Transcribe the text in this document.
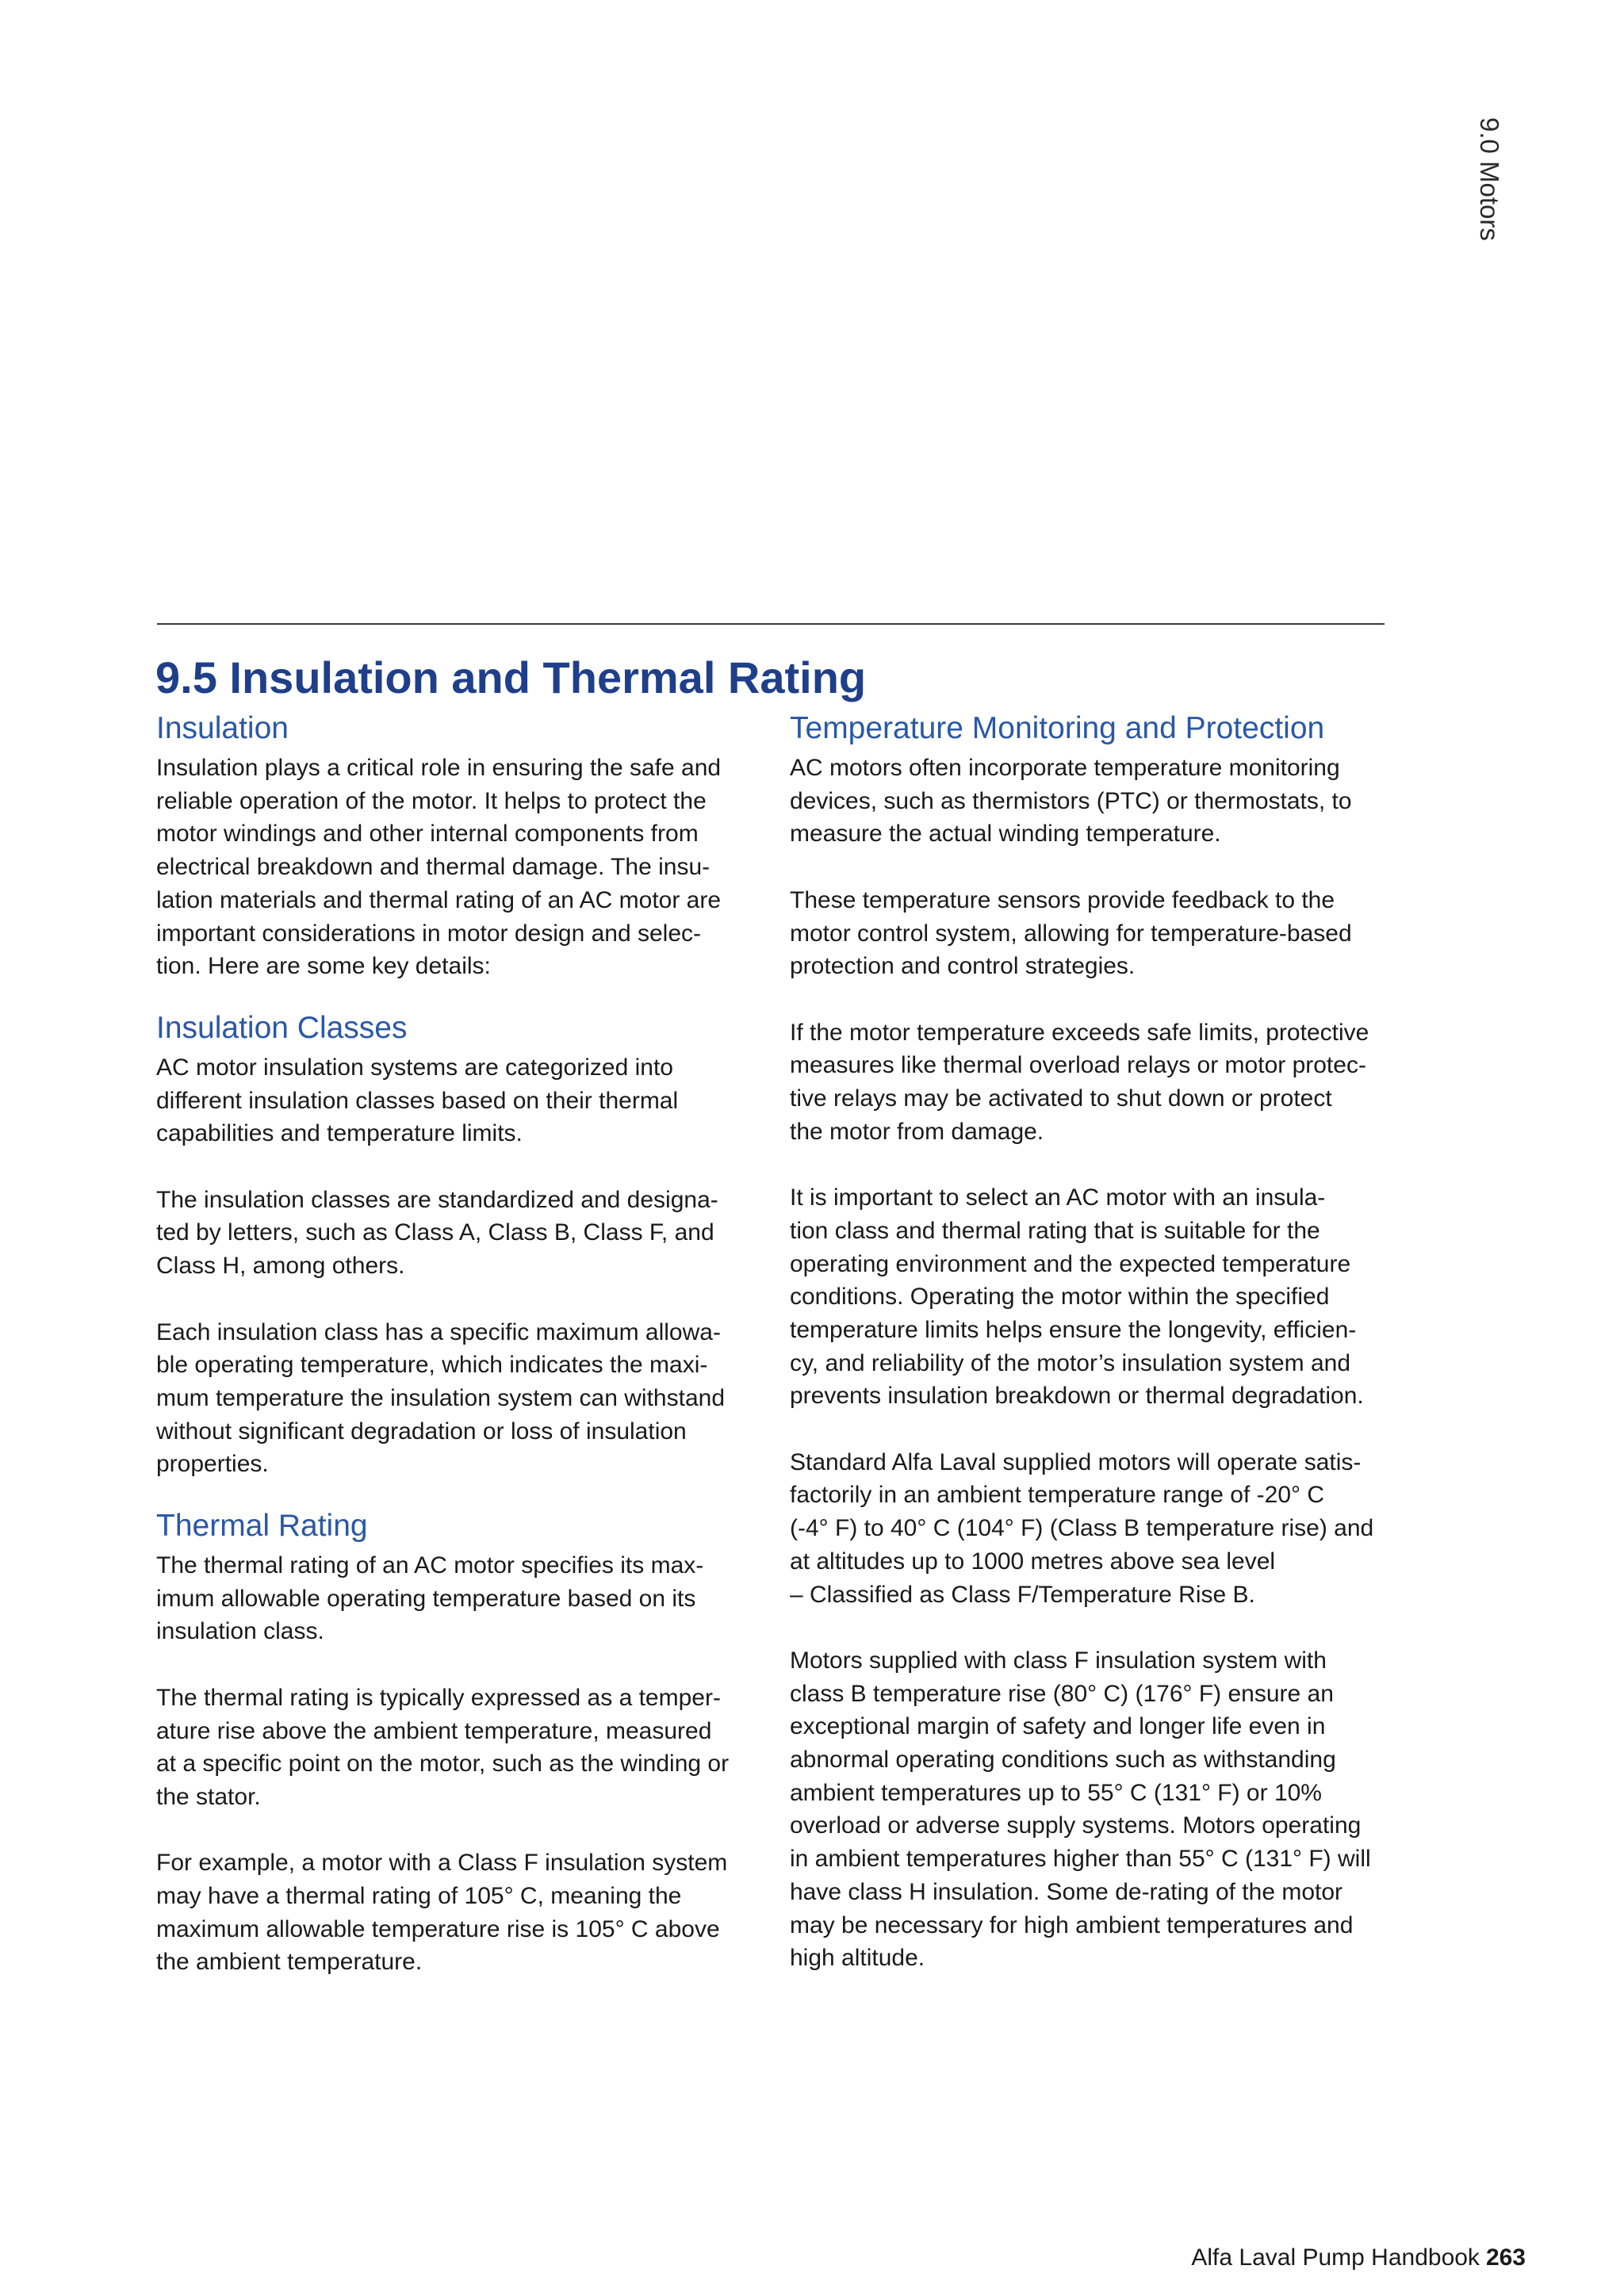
9.0 Motors
9.5 Insulation and Thermal Rating
Insulation

Insulation plays a critical role in ensuring the safe and
reliable operation of the motor. It helps to protect the
motor windings and other internal components from
electrical breakdown and thermal damage. The insu-
lation materials and thermal rating of an AC motor are
important considerations in motor design and selec-
tion. Here are some key details:

Insulation Classes

AC motor insulation systems are categorized into
different insulation classes based on their thermal
capabilities and temperature limits.

The insulation classes are standardized and designa-
ted by letters, such as Class A, Class B, Class F, and
Class H, among others.

Each insulation class has a specific maximum allowa-
ble operating temperature, which indicates the maxi-
mum temperature the insulation system can withstand
without significant degradation or loss of insulation
properties.

Thermal Rating

The thermal rating of an AC motor specifies its max-
imum allowable operating temperature based on its
insulation class.

The thermal rating is typically expressed as a temper-
ature rise above the ambient temperature, measured
at a specific point on the motor, such as the winding or
the stator.

For example, a motor with a Class F insulation system
may have a thermal rating of 105° C, meaning the
maximum allowable temperature rise is 105° C above
the ambient temperature.

Temperature Monitoring and Protection

AC motors often incorporate temperature monitoring
devices, such as thermistors (PTC) or thermostats, to
measure the actual winding temperature.

These temperature sensors provide feedback to the
motor control system, allowing for temperature-based
protection and control strategies.

If the motor temperature exceeds safe limits, protective
measures like thermal overload relays or motor protec-
tive relays may be activated to shut down or protect
the motor from damage.

It is important to select an AC motor with an insula-
tion class and thermal rating that is suitable for the
operating environment and the expected temperature
conditions. Operating the motor within the specified
temperature limits helps ensure the longevity, efficien-
cy, and reliability of the motor’s insulation system and
prevents insulation breakdown or thermal degradation.

Standard Alfa Laval supplied motors will operate satis-
factorily in an ambient temperature range of -20° C
(-4° F) to 40° C (104° F) (Class B temperature rise) and
at altitudes up to 1000 metres above sea level
– Classified as Class F/Temperature Rise B.

Motors supplied with class F insulation system with
class B temperature rise (80° C) (176° F) ensure an
exceptional margin of safety and longer life even in
abnormal operating conditions such as withstanding
ambient temperatures up to 55° C (131° F) or 10%
overload or adverse supply systems. Motors operating
in ambient temperatures higher than 55° C (131° F) will
have class H insulation. Some de-rating of the motor
may be necessary for high ambient temperatures and
high altitude.

Alfa Laval Pump Handbook 263
